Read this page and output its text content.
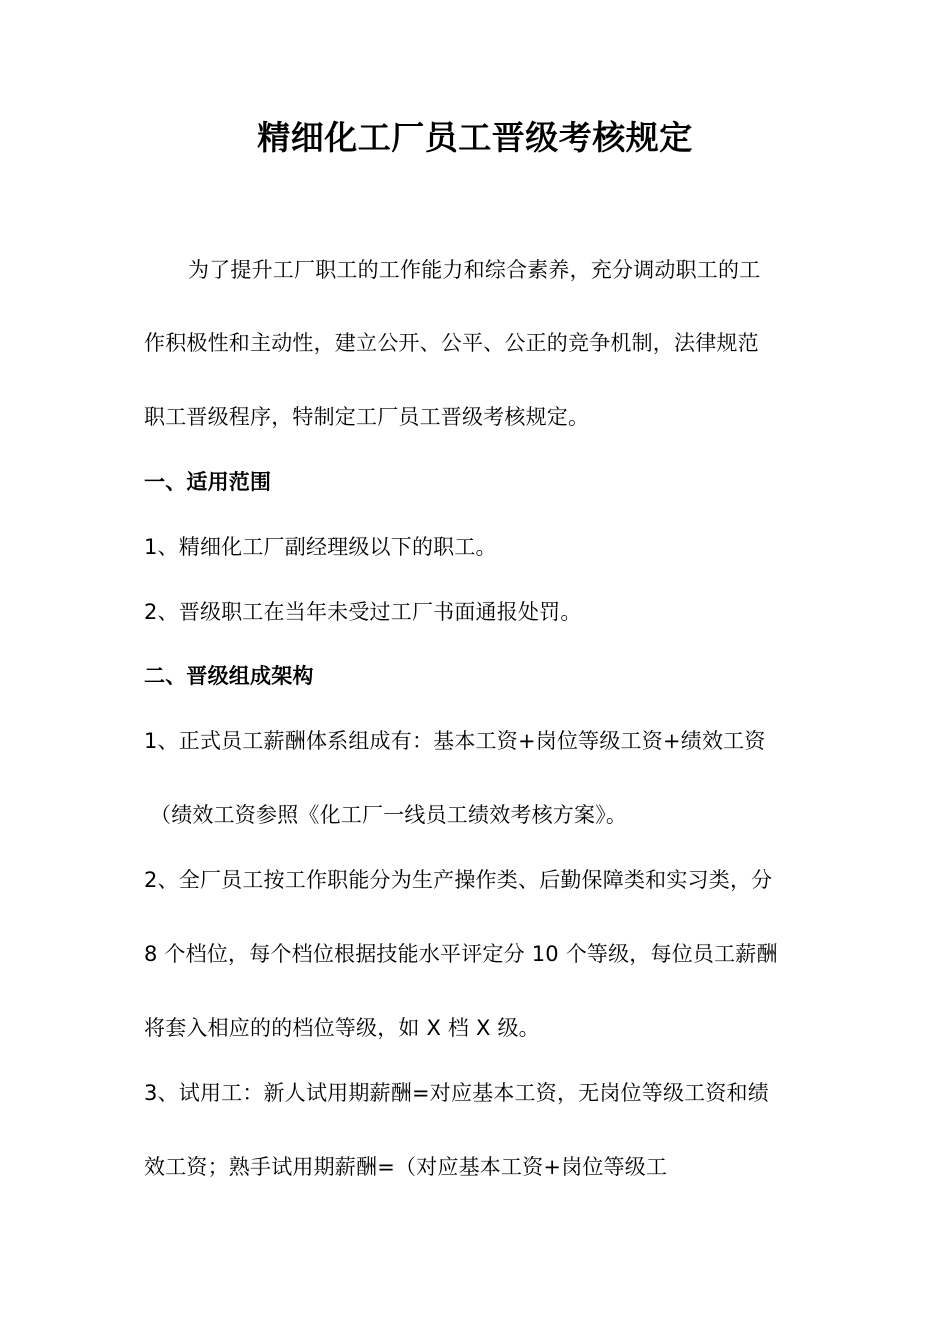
精细化工厂员工晋级考核规定
为了提升工厂职工的工作能力和综合素养，充分调动职工的工
作积极性和主动性，建立公开、公平、公正的竞争机制，法律规范
职工晋级程序，特制定工厂员工晋级考核规定。
一、适用范围
1、精细化工厂副经理级以下的职工。
2、晋级职工在当年未受过工厂书面通报处罚。
二、晋级组成架构
1、正式员工薪酬体系组成有：基本工资+岗位等级工资+绩效工资
（绩效工资参照《化工厂一线员工绩效考核方案》。
2、全厂员工按工作职能分为生产操作类、后勤保障类和实习类，分
8 个档位，每个档位根据技能水平评定分 10 个等级，每位员工薪酬
将套入相应的的档位等级，如 X 档 X 级。
3、试用工：新人试用期薪酬=对应基本工资，无岗位等级工资和绩
效工资；熟手试用期薪酬=（对应基本工资+岗位等级工
